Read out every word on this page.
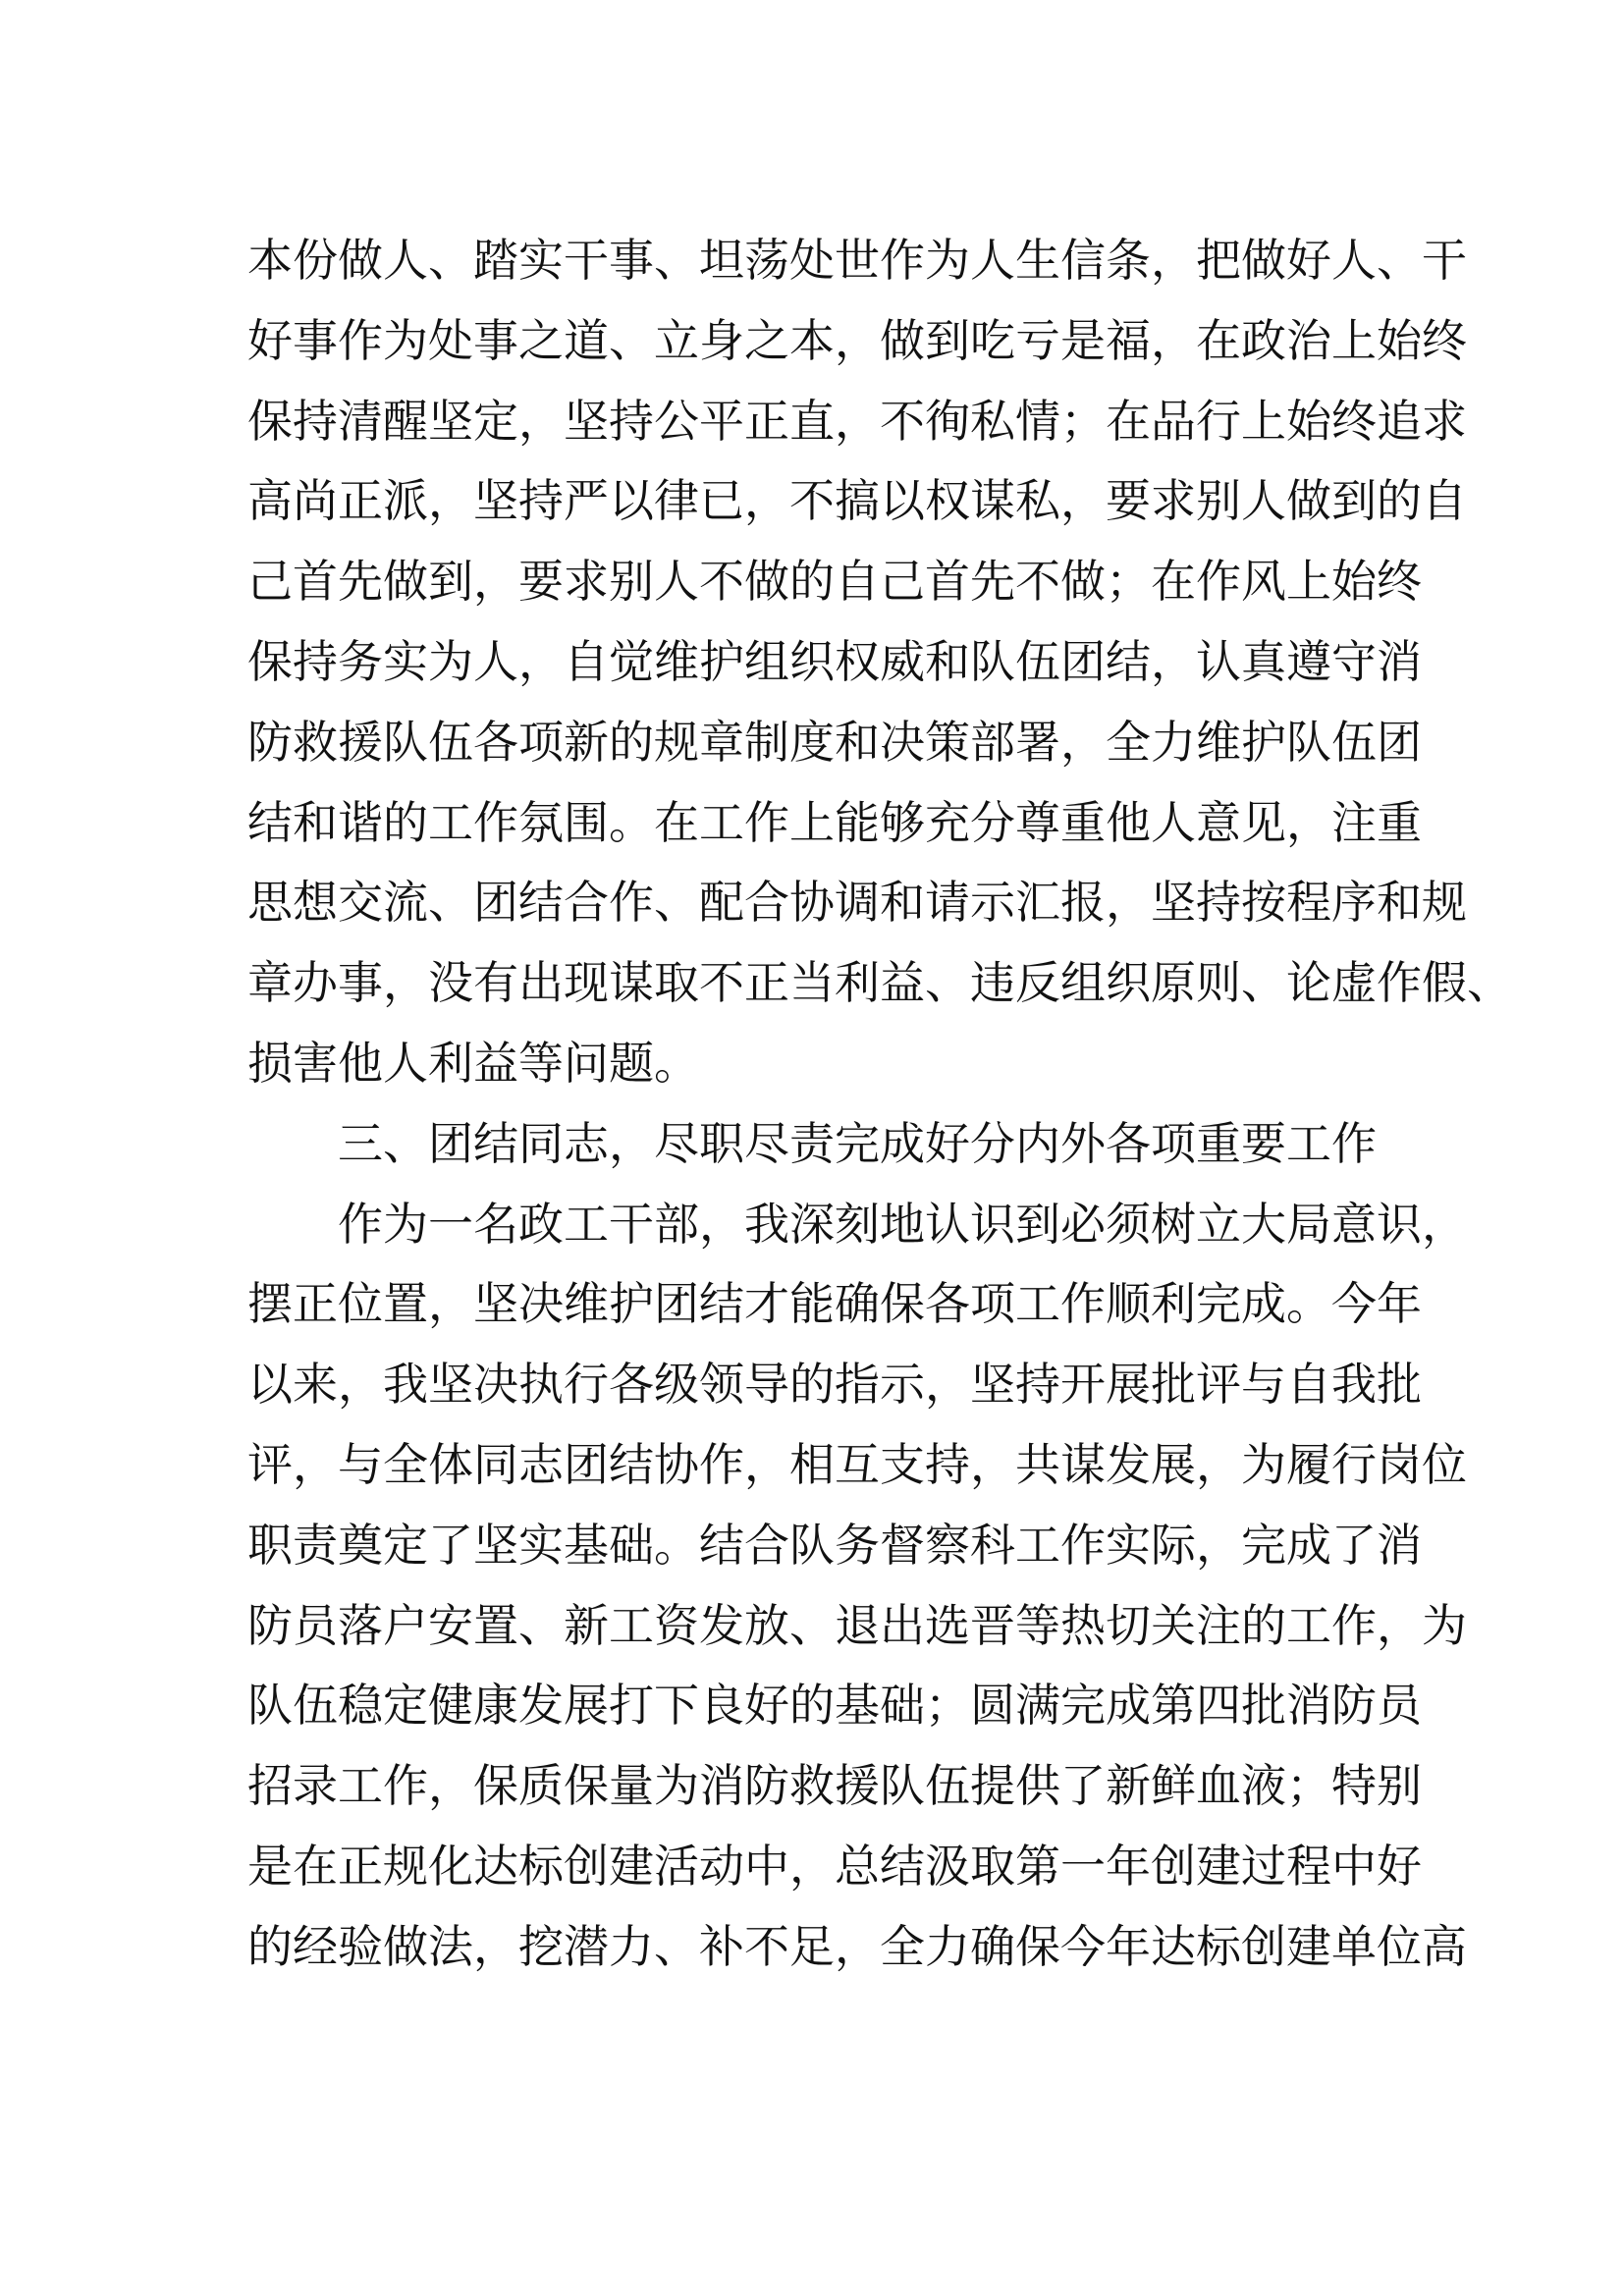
本份做人、踏实干事、坦荡处世作为人生信条，把做好人、干
好事作为处事之道、立身之本，做到吃亏是福，在政治上始终
保持清醒坚定，坚持公平正直，不徇私情；在品行上始终追求
高尚正派，坚持严以律已，不搞以权谋私，要求别人做到的自
己首先做到，要求别人不做的自己首先不做；在作风上始终
保持务实为人，自觉维护组织权威和队伍团结，认真遵守消
防救援队伍各项新的规章制度和决策部署，全力维护队伍团
结和谐的工作氛围。在工作上能够充分尊重他人意见，注重
思想交流、团结合作、配合协调和请示汇报，坚持按程序和规
章办事，没有出现谋取不正当利益、违反组织原则、论虚作假、
损害他人利益等问题。
三、团结同志，尽职尽责完成好分内外各项重要工作
作为一名政工干部，我深刻地认识到必须树立大局意识，
摆正位置，坚决维护团结才能确保各项工作顺利完成。今年
以来，我坚决执行各级领导的指示，坚持开展批评与自我批
评，与全体同志团结协作，相互支持，共谋发展，为履行岗位
职责奠定了坚实基础。结合队务督察科工作实际，完成了消
防员落户安置、新工资发放、退出选晋等热切关注的工作，为
队伍稳定健康发展打下良好的基础；圆满完成第四批消防员
招录工作，保质保量为消防救援队伍提供了新鲜血液；特别
是在正规化达标创建活动中，总结汲取第一年创建过程中好
的经验做法，挖潜力、补不足，全力确保今年达标创建单位高
